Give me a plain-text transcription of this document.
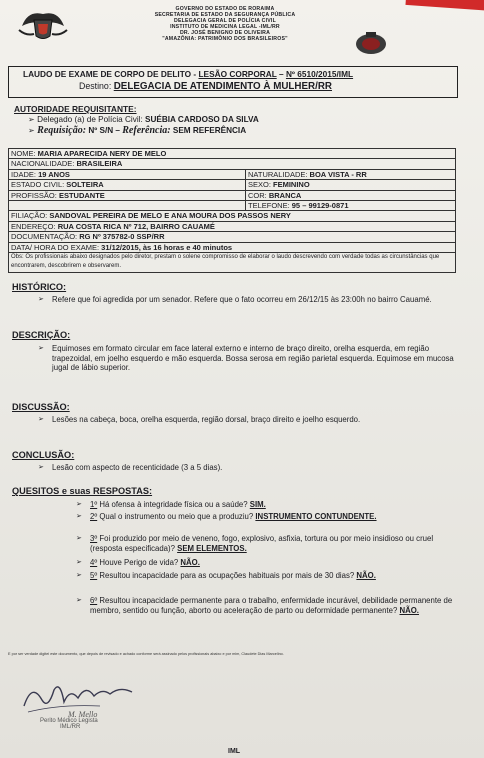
GOVERNO DO ESTADO DE RORAIMA
SECRETARIA DE ESTADO DA SEGURANÇA PÚBLICA
DELEGACIA GERAL DE POLÍCIA CIVIL
INSTITUTO DE MEDICINA LEGAL -IML/RR
DR. JOSÉ BENIGNO DE OLIVEIRA
"AMAZÔNIA: PATRIMÔNIO DOS BRASILEIROS"
LAUDO DE EXAME DE CORPO DE DELITO - LESÃO CORPORAL – Nº 6510/2015/IML
Destino: DELEGACIA DE ATENDIMENTO À MULHER/RR
AUTORIDADE REQUISITANTE:
➢ Delegado (a) de Polícia Civil: SUÉBIA CARDOSO DA SILVA
➢ Requisição: Nº S/N – Referência: SEM REFERÊNCIA
NOME: MARIA APARECIDA NERY DE MELO	
NACIONALIDADE: BRASILEIRA	
IDADE: 19 ANOS	NATURALIDADE: BOA VISTA - RR
ESTADO CIVIL: SOLTEIRA	SEXO: FEMININO
PROFISSÃO: ESTUDANTE	COR: BRANCA
	TELEFONE: 95 – 99129-0871
FILIAÇÃO: SANDOVAL PEREIRA DE MELO E ANA MOURA DOS PASSOS NERY	
ENDEREÇO: RUA COSTA RICA Nº 712, BAIRRO CAUAMÉ	
DOCUMENTAÇÃO: RG Nº 375782-0 SSP/RR	
DATA/ HORA DO EXAME: 31/12/2015, às 16 horas e 40 minutos	
Obs: Os profissionais abaixo designados pelo diretor, prestam o solene compromisso de elaborar o laudo descrevendo com verdade todas as circunstâncias que encontrarem, descobrirem e observarem.	
HISTÓRICO:
➢ Refere que foi agredida por um senador. Refere que o fato ocorreu em 26/12/15 às 23:00h no bairro Cauamé.
DESCRIÇÃO:
➢ Equimoses em formato circular em face lateral externo e interno de braço direito, orelha esquerda, em região trapezoidal, em joelho esquerdo e mão esquerda. Bossa serosa em região parietal esquerda. Equimose em mucosa jugal de lábio superior.
DISCUSSÃO:
➢ Lesões na cabeça, boca, orelha esquerda, região dorsal, braço direito e joelho esquerdo.
CONCLUSÃO:
➢ Lesão com aspecto de recenticidade (3 a 5 dias).
QUESITOS e suas RESPOSTAS:
➢ 1º Há ofensa à integridade física ou a saúde? SIM.
➢ 2º Qual o instrumento ou meio que a produziu? INSTRUMENTO CONTUNDENTE.
➢ 3º Foi produzido por meio de veneno, fogo, explosivo, asfixia, tortura ou por meio insidioso ou cruel (resposta especificada)? SEM ELEMENTOS.
➢ 4º Houve Perigo de vida? NÃO.
➢ 5º Resultou incapacidade para as ocupações habituais por mais de 30 dias? NÃO.
➢ 6º Resultou incapacidade permanente para o trabalho, enfermidade incurável, debilidade permanente de membro, sentido ou função, aborto ou aceleração de parto ou deformidade permanente? NÃO.
E por ser verdade digitei este documento, que depois de revisado e achado conforme será assinado pelos profissionais abaixo e por mim, Claudete Dias Marcelino.
M. Mello
Perito Médico Legista
IML/RR
IML
